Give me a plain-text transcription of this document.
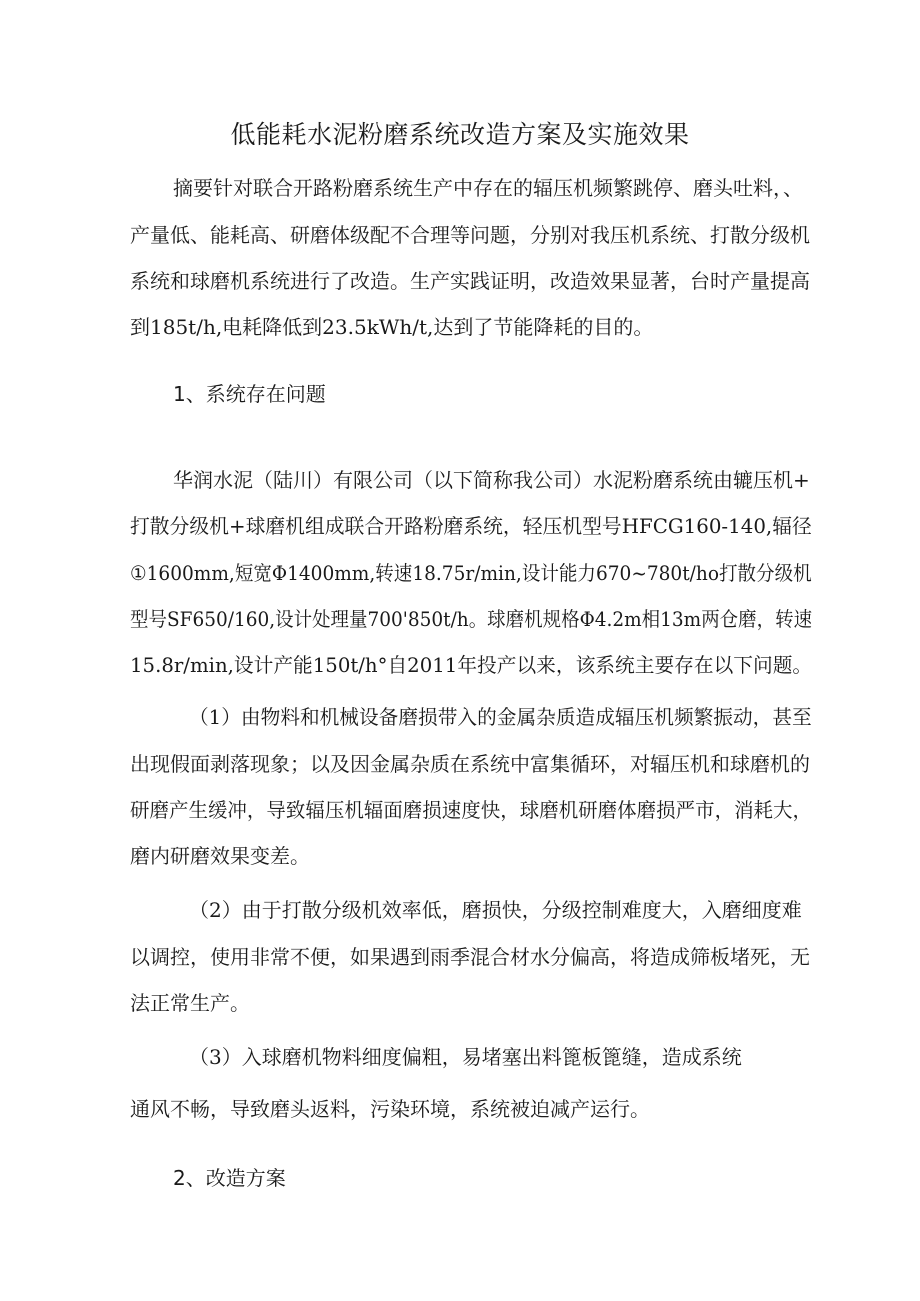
低能耗水泥粉磨系统改造方案及实施效果
摘要针对联合开路粉磨系统生产中存在的辐压机频繁跳停、磨头吐料，、
产量低、能耗高、研磨体级配不合理等问题，分别对我压机系统、打散分级机
系统和球磨机系统进行了改造。生产实践证明，改造效果显著，台时产量提高
到185t/h,电耗降低到23.5kWh/t,达到了节能降耗的目的。
1、系统存在问题
华润水泥（陆川）有限公司（以下简称我公司）水泥粉磨系统由辘压机+
打散分级机+球磨机组成联合开路粉磨系统，轻压机型号HFCG160-140,辐径
①1600mm,短宽Φ1400mm,转速18.75r/min,设计能力670~780t/ho打散分级机
型号SF650/160,设计处理量700'850t/h。球磨机规格Φ4.2m相13m两仓磨，转速
15.8r/min,设计产能150t/h°自2011年投产以来，该系统主要存在以下问题。
（1）由物料和机械设备磨损带入的金属杂质造成辐压机频繁振动，甚至
出现假面剥落现象；以及因金属杂质在系统中富集循环，对辐压机和球磨机的
研磨产生缓冲，导致辐压机辐面磨损速度快，球磨机研磨体磨损严市，消耗大，
磨内研磨效果变差。
（2）由于打散分级机效率低，磨损快，分级控制难度大，入磨细度难
以调控，使用非常不便，如果遇到雨季混合材水分偏高，将造成筛板堵死，无
法正常生产。
（3）入球磨机物料细度偏粗，易堵塞出料篦板篦缝，造成系统
通风不畅，导致磨头返料，污染环境，系统被迫减产运行。
2、改造方案
